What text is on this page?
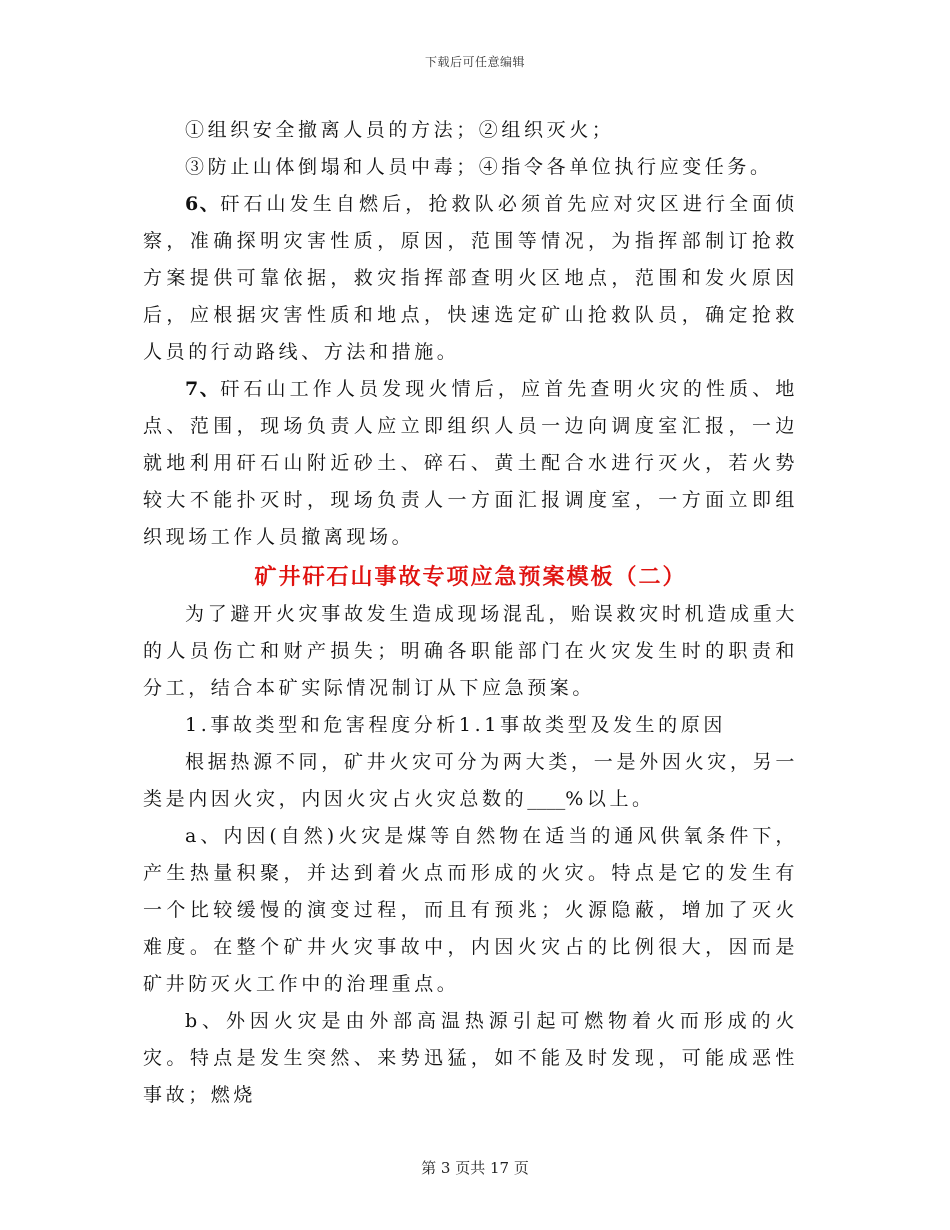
下载后可任意编辑

①组织安全撤离人员的方法；②组织灭火；

③防止山体倒塌和人员中毒；④指令各单位执行应变任务。

6、矸石山发生自燃后，抢救队必须首先应对灾区进行全面侦察，准确探明灾害性质，原因，范围等情况，为指挥部制订抢救方案提供可靠依据，救灾指挥部查明火区地点，范围和发火原因后，应根据灾害性质和地点，快速选定矿山抢救队员，确定抢救人员的行动路线、方法和措施。

7、矸石山工作人员发现火情后，应首先查明火灾的性质、地点、范围，现场负责人应立即组织人员一边向调度室汇报，一边就地利用矸石山附近砂土、碎石、黄土配合水进行灭火，若火势较大不能扑灭时，现场负责人一方面汇报调度室，一方面立即组织现场工作人员撤离现场。

矿井矸石山事故专项应急预案模板（二）

为了避开火灾事故发生造成现场混乱，贻误救灾时机造成重大的人员伤亡和财产损失；明确各职能部门在火灾发生时的职责和分工，结合本矿实际情况制订从下应急预案。

1.事故类型和危害程度分析1.1事故类型及发生的原因

根据热源不同，矿井火灾可分为两大类，一是外因火灾，另一类是内因火灾，内因火灾占火灾总数的____%以上。

a、内因(自然)火灾是煤等自然物在适当的通风供氧条件下，产生热量积聚，并达到着火点而形成的火灾。特点是它的发生有一个比较缓慢的演变过程，而且有预兆；火源隐蔽，增加了灭火难度。在整个矿井火灾事故中，内因火灾占的比例很大，因而是矿井防灭火工作中的治理重点。

b、外因火灾是由外部高温热源引起可燃物着火而形成的火灾。特点是发生突然、来势迅猛，如不能及时发现，可能成恶性事故；燃烧

第 3 页共 17 页
